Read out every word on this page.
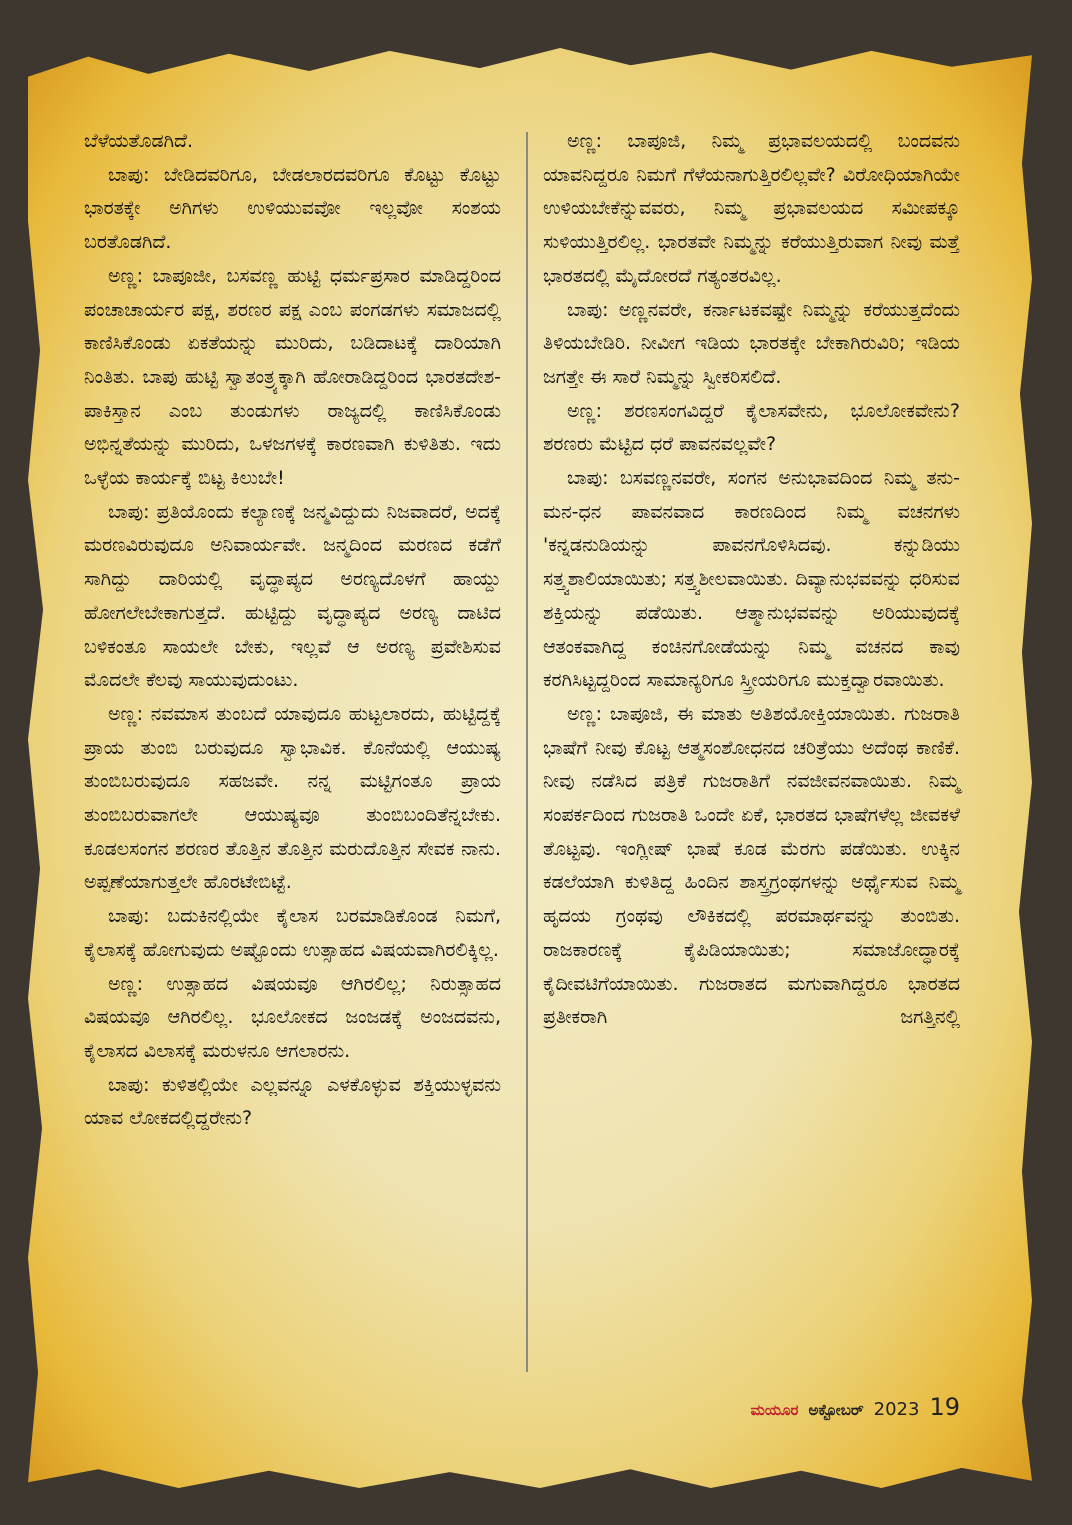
ಬೆಳೆಯತೊಡಗಿದೆ.

ಬಾಪು: ಬೇಡಿದವರಿಗೂ, ಬೇಡಲಾರದವರಿಗೂ ಕೊಟ್ಟು ಕೊಟ್ಟು ಭಾರತಕ್ಕೇ ಅಗಿಗಳು ಉಳಿಯುವವೋ ಇಲ್ಲವೋ ಸಂಶಯ ಬರತೊಡಗಿದೆ.

ಅಣ್ಣ: ಬಾಪೂಜೀ, ಬಸವಣ್ಣ ಹುಟ್ಟಿ ಧರ್ಮಪ್ರಸಾರ ಮಾಡಿದ್ದರಿಂದ ಪಂಚಾಚಾರ್ಯರ ಪಕ್ಷ, ಶರಣರ ಪಕ್ಷ ಎಂಬ ಪಂಗಡಗಳು ಸಮಾಜದಲ್ಲಿ ಕಾಣಿಸಿಕೊಂಡು ಏಕತೆಯನ್ನು ಮುರಿದು, ಬಡಿದಾಟಕ್ಕೆ ದಾರಿಯಾಗಿ ನಿಂತಿತು. ಬಾಪು ಹುಟ್ಟಿ ಸ್ವಾತಂತ್ರ್ಯಕ್ಕಾಗಿ ಹೋರಾಡಿದ್ದರಿಂದ ಭಾರತದೇಶ-ಪಾಕಿಸ್ತಾನ ಎಂಬ ತುಂಡುಗಳು ರಾಜ್ಯದಲ್ಲಿ ಕಾಣಿಸಿಕೊಂಡು ಅಭಿನ್ನತೆಯನ್ನು ಮುರಿದು, ಒಳಜಗಳಕ್ಕೆ ಕಾರಣವಾಗಿ ಕುಳಿತಿತು. ಇದು ಒಳ್ಳೆಯ ಕಾರ್ಯಕ್ಕೆ ಬಿಟ್ಟ ಕಿಲುಬೇ!

ಬಾಪು: ಪ್ರತಿಯೊಂದು ಕಲ್ಯಾಣಕ್ಕೆ ಜನ್ಮವಿದ್ದುದು ನಿಜವಾದರೆ, ಅದಕ್ಕೆ ಮರಣವಿರುವುದೂ ಅನಿವಾರ್ಯವೇ. ಜನ್ಮದಿಂದ ಮರಣದ ಕಡೆಗೆ ಸಾಗಿದ್ದು ದಾರಿಯಲ್ಲಿ ವೃದ್ಧಾಪ್ಯದ ಅರಣ್ಯದೊಳಗೆ ಹಾಯ್ದು ಹೋಗಲೇಬೇಕಾಗುತ್ತದೆ. ಹುಟ್ಟಿದ್ದು ವೃದ್ಧಾಪ್ಯದ ಅರಣ್ಯ ದಾಟಿದ ಬಳಿಕಂತೂ ಸಾಯಲೇ ಬೇಕು, ಇಲ್ಲವೆ ಆ ಅರಣ್ಯ ಪ್ರವೇಶಿಸುವ ಮೊದಲೇ ಕೆಲವು ಸಾಯುವುದುಂಟು.

ಅಣ್ಣ: ನವಮಾಸ ತುಂಬದೆ ಯಾವುದೂ ಹುಟ್ಟಲಾರದು, ಹುಟ್ಟಿದ್ದಕ್ಕೆ ಪ್ರಾಯ ತುಂಬಿ ಬರುವುದೂ ಸ್ವಾಭಾವಿಕ. ಕೊನೆಯಲ್ಲಿ ಆಯುಷ್ಯ ತುಂಬಿಬರುವುದೂ ಸಹಜವೇ. ನನ್ನ ಮಟ್ಟಿಗಂತೂ ಪ್ರಾಯ ತುಂಬಿಬರುವಾಗಲೇ ಆಯುಷ್ಯವೂ ತುಂಬಿಬಂದಿತೆನ್ನಬೇಕು. ಕೂಡಲಸಂಗನ ಶರಣರ ತೊತ್ತಿನ ತೊತ್ತಿನ ಮರುದೊತ್ತಿನ ಸೇವಕ ನಾನು. ಅಪ್ಪಣೆಯಾಗುತ್ತಲೇ ಹೊರಟೇಬಿಟ್ಟೆ.

ಬಾಪು: ಬದುಕಿನಲ್ಲಿಯೇ ಕೈಲಾಸ ಬರಮಾಡಿಕೊಂಡ ನಿಮಗೆ, ಕೈಲಾಸಕ್ಕೆ ಹೋಗುವುದು ಅಷ್ಟೊಂದು ಉತ್ಸಾಹದ ವಿಷಯವಾಗಿರಲಿಕ್ಕಿಲ್ಲ.

ಅಣ್ಣ: ಉತ್ಸಾಹದ ವಿಷಯವೂ ಆಗಿರಲಿಲ್ಲ; ನಿರುತ್ಸಾಹದ ವಿಷಯವೂ ಆಗಿರಲಿಲ್ಲ. ಭೂಲೋಕದ ಜಂಜಡಕ್ಕೆ ಅಂಜದವನು, ಕೈಲಾಸದ ವಿಲಾಸಕ್ಕೆ ಮರುಳನೂ ಆಗಲಾರನು.

ಬಾಪು: ಕುಳಿತಲ್ಲಿಯೇ ಎಲ್ಲವನ್ನೂ ಎಳಕೊಳ್ಳುವ ಶಕ್ತಿಯುಳ್ಳವನು ಯಾವ ಲೋಕದಲ್ಲಿದ್ದರೇನು?

ಅಣ್ಣ: ಬಾಪೂಜಿ, ನಿಮ್ಮ ಪ್ರಭಾವಲಯದಲ್ಲಿ ಬಂದವನು ಯಾವನಿದ್ದರೂ ನಿಮಗೆ ಗೆಳೆಯನಾಗುತ್ತಿರಲಿಲ್ಲವೇ? ವಿರೋಧಿಯಾಗಿಯೇ ಉಳಿಯಬೇಕೆನ್ನುವವರು, ನಿಮ್ಮ ಪ್ರಭಾವಲಯದ ಸಮೀಪಕ್ಕೂ ಸುಳಿಯುತ್ತಿರಲಿಲ್ಲ. ಭಾರತವೇ ನಿಮ್ಮನ್ನು ಕರೆಯುತ್ತಿರುವಾಗ ನೀವು ಮತ್ತೆ ಭಾರತದಲ್ಲಿ ಮೈದೋರದೆ ಗತ್ಯಂತರವಿಲ್ಲ.

ಬಾಪು: ಅಣ್ಣನವರೇ, ಕರ್ನಾಟಕವಷ್ಟೇ ನಿಮ್ಮನ್ನು ಕರೆಯುತ್ತದೆಂದು ತಿಳಿಯಬೇಡಿರಿ. ನೀವೀಗ ಇಡಿಯ ಭಾರತಕ್ಕೇ ಬೇಕಾಗಿರುವಿರಿ; ಇಡಿಯ ಜಗತ್ತೇ ಈ ಸಾರೆ ನಿಮ್ಮನ್ನು ಸ್ವೀಕರಿಸಲಿದೆ.

ಅಣ್ಣ: ಶರಣಸಂಗವಿದ್ದರೆ ಕೈಲಾಸವೇನು, ಭೂಲೋಕವೇನು? ಶರಣರು ಮೆಟ್ಟಿದ ಧರೆ ಪಾವನವಲ್ಲವೇ?

ಬಾಪು: ಬಸವಣ್ಣನವರೇ, ಸಂಗನ ಅನುಭಾವದಿಂದ ನಿಮ್ಮ ತನು-ಮನ-ಧನ ಪಾವನವಾದ ಕಾರಣದಿಂದ ನಿಮ್ಮ ವಚನಗಳು 'ಕನ್ನಡನುಡಿಯನ್ನು ಪಾವನಗೊಳಿಸಿದವು. ಕನ್ನುಡಿಯು ಸತ್ತ್ವಶಾಲಿಯಾಯಿತು; ಸತ್ತ್ವಶೀಲವಾಯಿತು. ದಿವ್ಯಾನುಭವವನ್ನು ಧರಿಸುವ ಶಕ್ತಿಯನ್ನು ಪಡೆಯಿತು. ಆತ್ಮಾನುಭವವನ್ನು ಅರಿಯುವುದಕ್ಕೆ ಆತಂಕವಾಗಿದ್ದ ಕಂಚಿನಗೋಡೆಯನ್ನು ನಿಮ್ಮ ವಚನದ ಕಾವು ಕರಗಿಸಿಟ್ಟದ್ದರಿಂದ ಸಾಮಾನ್ಯರಿಗೂ ಸ್ತ್ರೀಯರಿಗೂ ಮುಕ್ತದ್ವಾರವಾಯಿತು.

ಅಣ್ಣ: ಬಾಪೂಜಿ, ಈ ಮಾತು ಅತಿಶಯೋಕ್ತಿಯಾಯಿತು. ಗುಜರಾತಿ ಭಾಷೆಗೆ ನೀವು ಕೊಟ್ಟ ಆತ್ಮಸಂಶೋಧನದ ಚರಿತ್ರೆಯು ಅದೆಂಥ ಕಾಣಿಕೆ. ನೀವು ನಡೆಸಿದ ಪತ್ರಿಕೆ ಗುಜರಾತಿಗೆ ನವಜೀವನವಾಯಿತು. ನಿಮ್ಮ ಸಂಪರ್ಕದಿಂದ ಗುಜರಾತಿ ಒಂದೇ ಏಕೆ, ಭಾರತದ ಭಾಷೆಗಳೆಲ್ಲ ಜೀವಕಳೆ ತೊಟ್ಟವು. ಇಂಗ್ಲೀಷ್ ಭಾಷೆ ಕೂಡ ಮೆರಗು ಪಡೆಯಿತು. ಉಕ್ಕಿನ ಕಡಲೆಯಾಗಿ ಕುಳಿತಿದ್ದ ಹಿಂದಿನ ಶಾಸ್ತ್ರಗ್ರಂಥಗಳನ್ನು ಅರ್ಥೈಸುವ ನಿಮ್ಮ ಹೃದಯ ಗ್ರಂಥವು ಲೌಕಿಕದಲ್ಲಿ ಪರಮಾರ್ಥವನ್ನು ತುಂಬಿತು. ರಾಜಕಾರಣಕ್ಕೆ ಕೈಪಿಡಿಯಾಯಿತು; ಸಮಾಜೋದ್ಧಾರಕ್ಕೆ ಕೈದೀವಟಿಗೆಯಾಯಿತು. ಗುಜರಾತದ ಮಗುವಾಗಿದ್ದರೂ ಭಾರತದ ಪ್ರತೀಕರಾಗಿ ಜಗತ್ತಿನಲ್ಲಿ

ಮಯೂರ ಅಕ್ಟೋಬರ್ 2023 19
